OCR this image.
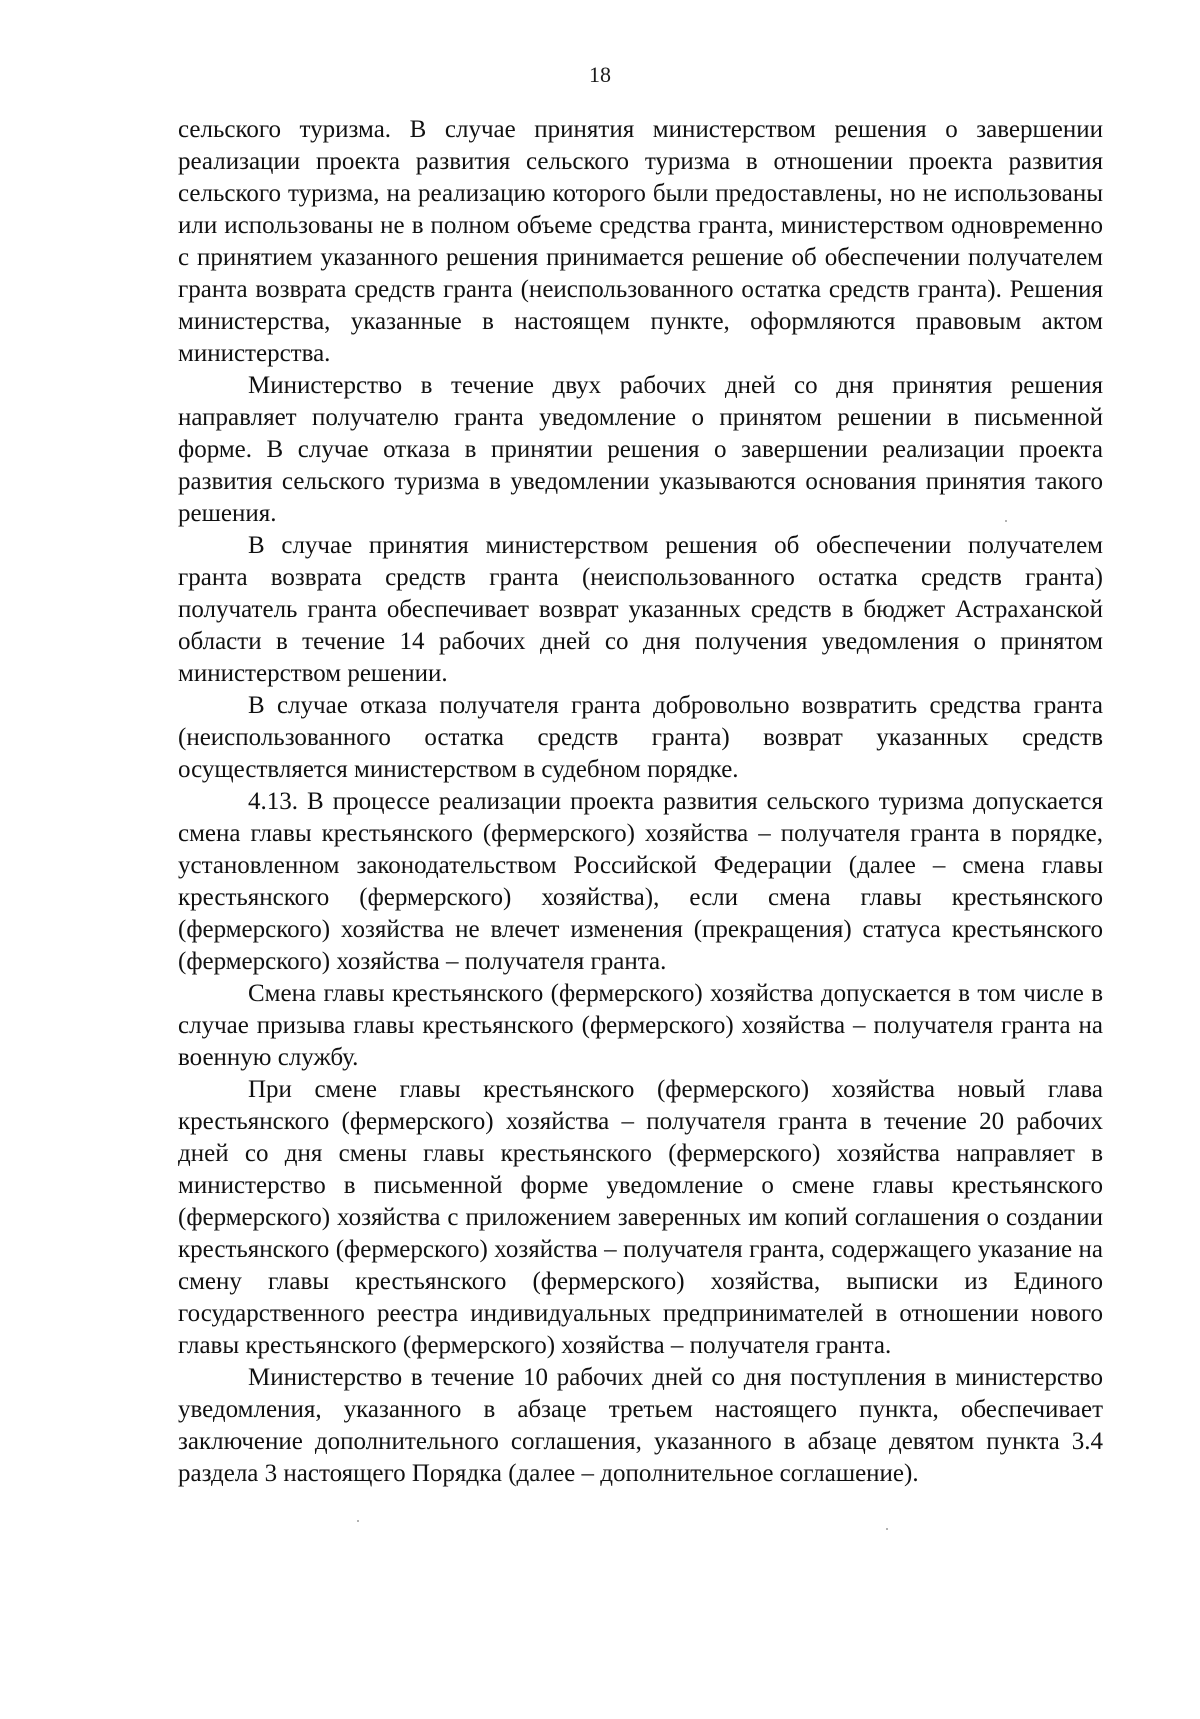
18

сельского туризма. В случае принятия министерством решения о завершении реализации проекта развития сельского туризма в отношении проекта развития сельского туризма, на реализацию которого были предоставлены, но не использованы или использованы не в полном объеме средства гранта, министерством одновременно с принятием указанного решения принимается решение об обеспечении получателем гранта возврата средств гранта (неиспользованного остатка средств гранта). Решения министерства, указанные в настоящем пункте, оформляются правовым актом министерства.

Министерство в течение двух рабочих дней со дня принятия решения направляет получателю гранта уведомление о принятом решении в письменной форме. В случае отказа в принятии решения о завершении реализации проекта развития сельского туризма в уведомлении указываются основания принятия такого решения.

В случае принятия министерством решения об обеспечении получателем гранта возврата средств гранта (неиспользованного остатка средств гранта) получатель гранта обеспечивает возврат указанных средств в бюджет Астраханской области в течение 14 рабочих дней со дня получения уведомления о принятом министерством решении.

В случае отказа получателя гранта добровольно возвратить средства гранта (неиспользованного остатка средств гранта) возврат указанных средств осуществляется министерством в судебном порядке.

4.13. В процессе реализации проекта развития сельского туризма допускается смена главы крестьянского (фермерского) хозяйства – получателя гранта в порядке, установленном законодательством Российской Федерации (далее – смена главы крестьянского (фермерского) хозяйства), если смена главы крестьянского (фермерского) хозяйства не влечет изменения (прекращения) статуса крестьянского (фермерского) хозяйства – получателя гранта.

Смена главы крестьянского (фермерского) хозяйства допускается в том числе в случае призыва главы крестьянского (фермерского) хозяйства – получателя гранта на военную службу.

При смене главы крестьянского (фермерского) хозяйства новый глава крестьянского (фермерского) хозяйства – получателя гранта в течение 20 рабочих дней со дня смены главы крестьянского (фермерского) хозяйства направляет в министерство в письменной форме уведомление о смене главы крестьянского (фермерского) хозяйства с приложением заверенных им копий соглашения о создании крестьянского (фермерского) хозяйства – получателя гранта, содержащего указание на смену главы крестьянского (фермерского) хозяйства, выписки из Единого государственного реестра индивидуальных предпринимателей в отношении нового главы крестьянского (фермерского) хозяйства – получателя гранта.

Министерство в течение 10 рабочих дней со дня поступления в министерство уведомления, указанного в абзаце третьем настоящего пункта, обеспечивает заключение дополнительного соглашения, указанного в абзаце девятом пункта 3.4 раздела 3 настоящего Порядка (далее – дополнительное соглашение).
